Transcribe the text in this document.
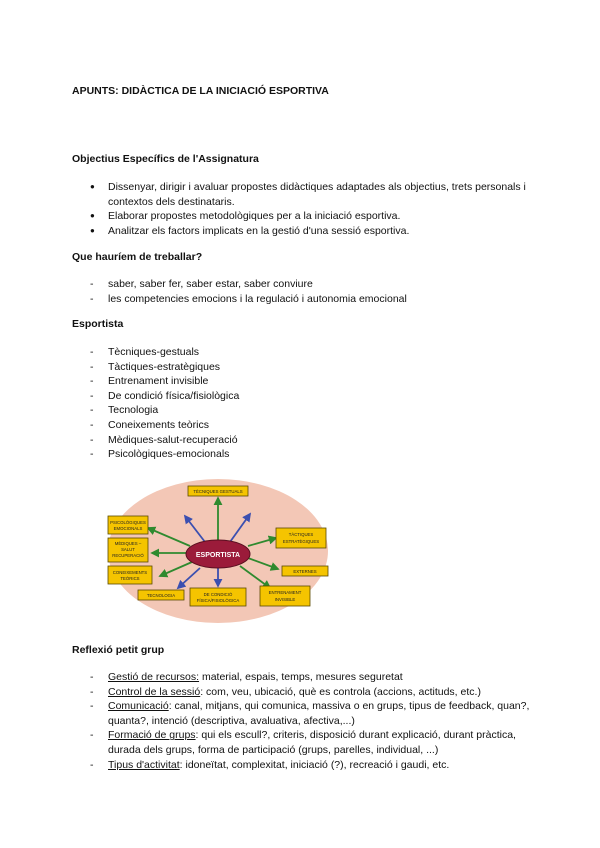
APUNTS: DIDÀCTICA DE LA INICIACIÓ ESPORTIVA
Objectius Específics de l'Assignatura
● Dissenyar, dirigir i avaluar propostes didàctiques adaptades als objectius, trets personals i contextos dels destinataris.
● Elaborar propostes metodològiques per a la iniciació esportiva.
● Analitzar els factors implicats en la gestió d'una sessió esportiva.
Que hauríem de treballar?
- saber, saber fer, saber estar, saber conviure
- les competencies emocions i la regulació i autonomia emocional
Esportista
- Tècniques-gestuals
- Tàctiques-estratègiques
- Entrenament invisible
- De condició física/fisiològica
- Tecnologia
- Coneixements teòrics
- Mèdiques-salut-recuperació
- Psicològiques-emocionals
ESPORTISTA
TÈCNIQUES GESTUALS
PSICOLÒGIQUES
EMOCIONALS
MÈDIQUES –
SALUT
RECUPERACIÓ
CONEIXEMENTS
TEÒRICS
TECNOLOGIA	DE CONDICIÓ
FÍSICA/FISIOLÒGICA
ENTRENAMENT
INVISIBLE
TÀCTIQUES
ESTRATÈGIQUES
EXTERNES
Reflexió petit grup
- Gestió de recursos: material, espais, temps, mesures seguretat
- Control de la sessió: com, veu, ubicació, què es controla (accions, actituds, etc.)
- Comunicació: canal, mitjans, qui comunica, massiva o en grups, tipus de feedback, quan?, quanta?, intenció (descriptiva, avaluativa, afectiva,...)
- Formació de grups: qui els escull?, criteris, disposició durant explicació, durant pràctica, durada dels grups, forma de participació (grups, parelles, individual, ...)
- Tipus d'activitat: idoneïtat, complexitat, iniciació (?), recreació i gaudi, etc.
